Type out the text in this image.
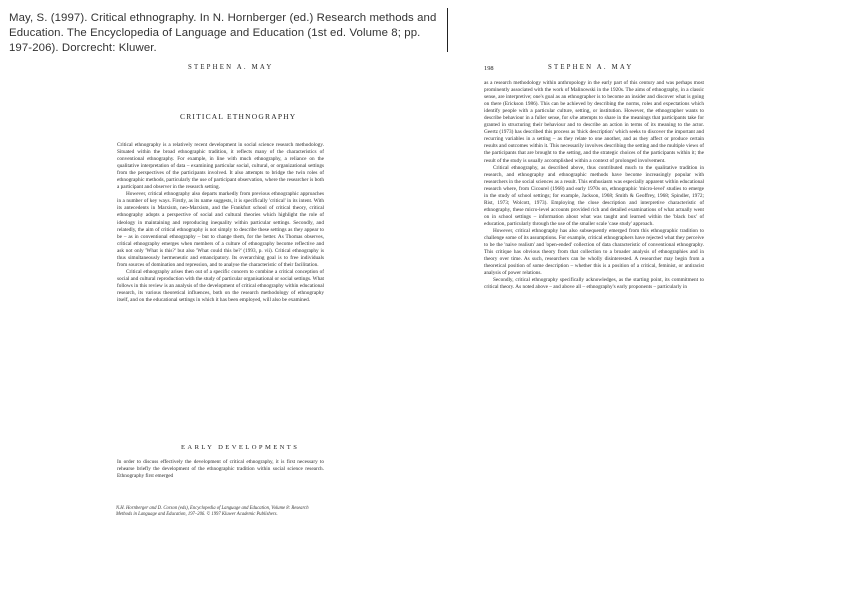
May, S. (1997). Critical ethnography. In N. Hornberger (ed.) Research methods and Education. The Encyclopedia of Language and Education (1st ed. Volume 8; pp. 197-206). Dorcrecht: Kluwer.
STEPHEN A. MAY
CRITICAL ETHNOGRAPHY

Critical ethnography is a relatively recent development in social science research methodology. Situated within the broad ethnographic tradition, it reflects many of the characteristics of conventional ethnography. For example, in line with much ethnography, a reliance on the qualitative interpretation of data – examining particular social, cultural, or organizational settings from the perspectives of the participants involved. It also attempts to bridge the twin roles of ethnographic methods, particularly the use of participant observation, where the researcher is both a participant and observer in the research setting.

However, critical ethnography also departs markedly from previous ethnographic approaches in a number of key ways. Firstly, as its name suggests, it is specifically 'critical' in its intent. With its antecedents in Marxism, neo-Marxism, and the Frankfurt school of critical theory, critical ethnography adopts a perspective of social and cultural theories which highlight the role of ideology in maintaining and reproducing inequality within particular settings. Secondly, and relatedly, the aim of critical ethnography is not simply to describe these settings as they appear to be – as in conventional ethnography – but to change them, for the better. As Thomas observes, critical ethnography emerges when members of a culture of ethnography become reflective and ask not only 'What is this?' but also 'What could this be?' (1993, p. vii). Critical ethnography is thus simultaneously hermeneutic and emancipatory. Its overarching goal is to free individuals from sources of domination and repression, and to analyse the characteristic of their facilitation.

Critical ethnography arises then out of a specific concern to combine a critical conception of social and cultural reproduction with the study of particular organisational or social settings. What follows in this review is an analysis of the development of critical ethnography within educational research, its various theoretical influences, both on the research methodology of ethnography itself, and on the educational settings in which it has been employed, will also be examined.

EARLY DEVELOPMENTS

In order to discuss effectively the development of critical ethnography, it is first necessary to rehearse briefly the development of the ethnographic tradition within social science research. Ethnography first emerged

N.H. Hornberger and D. Corson (eds), Encyclopedia of Language and Education, Volume 8: Research Methods in Language and Education, 197–206. © 1997 Kluwer Academic Publishers.
198	STEPHEN A. MAY

as a research methodology within anthropology in the early part of this century and was perhaps most prominently associated with the work of Malinowski in the 1920s. The aims of ethnography, in a classic sense, are interpretive; one's goal as an ethnographer is to become an insider and discover what is going on there (Erickson 1986). This can be achieved by describing the norms, roles and expectations which identify people with a particular culture, setting, or institution. However, the ethnographer wants to describe behaviour in a fuller sense, for s/he attempts to share in the meanings that participants take for granted in structuring their behaviour and to describe an action in terms of its meaning to the actor. Geertz (1973) has described this process as 'thick description' which seeks to discover the important and recurring variables in a setting – as they relate to one another, and as they affect or produce certain results and outcomes within it. This necessarily involves describing the setting and the multiple views of the participants that are brought to the setting, and the strategic choices of the participants within it; the result of the study is usually accomplished within a context of prolonged involvement.

Critical ethnography, as described above, thus contributed much to the qualitative tradition in research, and ethnography and ethnographic methods have become increasingly popular with researchers in the social sciences as a result. This enthusiasm was especially apparent within educational research where, from Cicourel (1968) and early 1970s on, ethnographic 'micro-level' studies to emerge in the study of school settings; for example, Jackson, 1968; Smith & Geoffrey, 1968; Spindler, 1972; Rist, 1973; Wolcott, 1973). Employing the close description and interpretive characteristic of ethnography, these micro-level accounts provided rich and detailed examinations of what actually went on in school settings – information about what was taught and learned within the 'black box' of education, particularly through the use of the smaller scale 'case study' approach.

However, critical ethnography has also subsequently emerged from this ethnographic tradition to challenge some of its assumptions. For example, critical ethnographers have rejected what they perceive to be the 'naive realism' and 'open-ended' collection of data characteristic of conventional ethnography. This critique has obvious theory from that collection to a broader analysis of ethnographies and in theory over time. As such, researchers can be wholly disinterested. A researcher may begin from a theoretical position of some description – whether this is a position of a critical, feminist, or antiracist analysis of power relations.

Secondly, critical ethnography specifically acknowledges, as the starting point, its commitment to critical theory. As noted above – and above all – ethnography's early proponents – particularly in
